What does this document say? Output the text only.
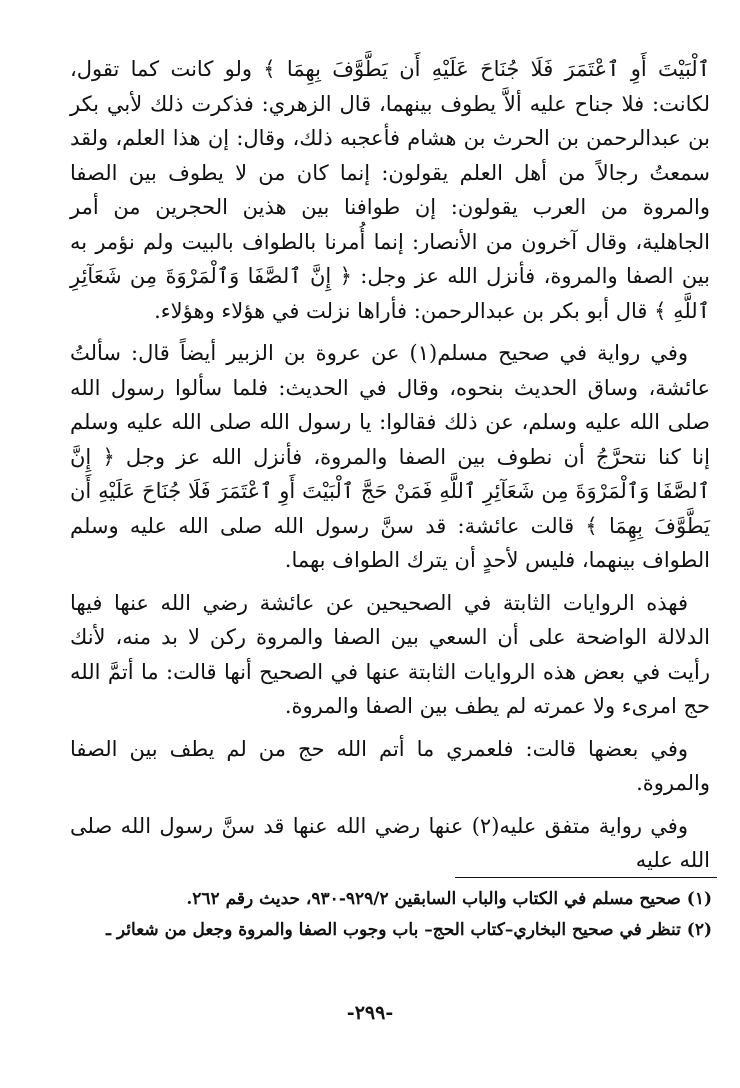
ٱلْبَيْتَ أَوِ ٱعْتَمَرَ فَلَا جُنَاحَ عَلَيْهِ أَن يَطَّوَّفَ بِهِمَا ﴾ ولو كانت كما تقول، لكانت: فلا جناح عليه ألاَّ يطوف بينهما، قال الزهري: فذكرت ذلك لأبي بكر بن عبدالرحمن بن الحرث بن هشام فأعجبه ذلك، وقال: إن هذا العلم، ولقد سمعتُ رجالاً من أهل العلم يقولون: إنما كان من لا يطوف بين الصفا والمروة من العرب يقولون: إن طوافنا بين هذين الحجرين من أمر الجاهلية، وقال آخرون من الأنصار: إنما أُمرنا بالطواف بالبيت ولم نؤمر به بين الصفا والمروة، فأنزل الله عز وجل: ﴿ إِنَّ ٱلصَّفَا وَٱلْمَرْوَةَ مِن شَعَآئِرِ ٱللَّهِ ﴾ قال أبو بكر بن عبدالرحمن: فأراها نزلت في هؤلاء وهؤلاء.

وفي رواية في صحيح مسلم(١) عن عروة بن الزبير أيضاً قال: سألتُ عائشة، وساق الحديث بنحوه، وقال في الحديث: فلما سألوا رسول الله صلى الله عليه وسلم، عن ذلك فقالوا: يا رسول الله صلى الله عليه وسلم إنا كنا نتحرَّجُ أن نطوف بين الصفا والمروة، فأنزل الله عز وجل ﴿ إِنَّ ٱلصَّفَا وَٱلْمَرْوَةَ مِن شَعَآئِرِ ٱللَّهِ فَمَنْ حَجَّ ٱلْبَيْتَ أَوِ ٱعْتَمَرَ فَلَا جُنَاحَ عَلَيْهِ أَن يَطَّوَّفَ بِهِمَا ﴾ قالت عائشة: قد سنَّ رسول الله صلى الله عليه وسلم الطواف بينهما، فليس لأحدٍ أن يترك الطواف بهما.

فهذه الروايات الثابتة في الصحيحين عن عائشة رضي الله عنها فيها الدلالة الواضحة على أن السعي بين الصفا والمروة ركن لا بد منه، لأنك رأيت في بعض هذه الروايات الثابتة عنها في الصحيح أنها قالت: ما أتمَّ الله حج امرىء ولا عمرته لم يطف بين الصفا والمروة.

وفي بعضها قالت: فلعمري ما أتم الله حج من لم يطف بين الصفا والمروة.

وفي رواية متفق عليه(٢) عنها رضي الله عنها قد سنَّ رسول الله صلى الله عليه

(١) صحيح مسلم في الكتاب والباب السابقين ٩٢٩/٢-٩٣٠، حديث رقم ٢٦٢.
(٢) تنظر في صحيح البخاري–كتاب الحج– باب وجوب الصفا والمروة وجعل من شعائر ـ
-٢٩٩-
